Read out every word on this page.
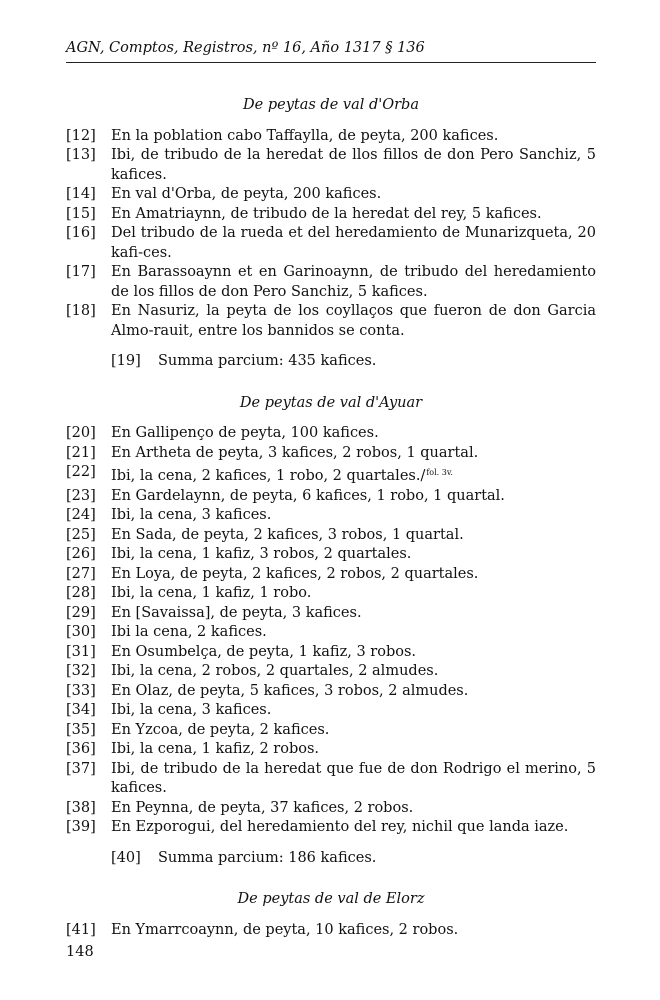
AGN, Comptos, Registros, nº 16, Año 1317 § 136
De peytas de val d'Orba
[12]	En la poblation cabo Taffaylla, de peyta, 200 kafices.
[13]	Ibi, de tribudo de la heredat de llos fillos de don Pero Sanchiz, 5 kafices.
[14]	En val d'Orba, de peyta, 200 kafices.
[15]	En Amatriaynn, de tribudo de la heredat del rey, 5 kafices.
[16]	Del tribudo de la rueda et del heredamiento de Munarizqueta, 20 kafi-ces.
[17]	En Barassoaynn et en Garinoaynn, de tribudo del heredamiento de los fillos de don Pero Sanchiz, 5 kafices.
[18]	En Nasuriz, la peyta de los coyllaços que fueron de don Garcia Almo-rauit, entre los bannidos se conta.
[19]	Summa parcium: 435 kafices.
De peytas de val d'Ayuar
[20]	En Gallipenço de peyta, 100 kafices.
[21]	En Artheta de peyta, 3 kafices, 2 robos, 1 quartal.
[22]	Ibi, la cena, 2 kafices, 1 robo, 2 quartales./$^{fol. 3v.}$
[23]	En Gardelaynn, de peyta, 6 kafices, 1 robo, 1 quartal.
[24]	Ibi, la cena, 3 kafices.
[25]	En Sada, de peyta, 2 kafices, 3 robos, 1 quartal.
[26]	Ibi, la cena, 1 kafiz, 3 robos, 2 quartales.
[27]	En Loya, de peyta, 2 kafices, 2 robos, 2 quartales.
[28]	Ibi, la cena, 1 kafiz, 1 robo.
[29]	En [Savaissa], de peyta, 3 kafices.
[30]	Ibi la cena, 2 kafices.
[31]	En Osumbelça, de peyta, 1 kafiz, 3 robos.
[32]	Ibi, la cena, 2 robos, 2 quartales, 2 almudes.
[33]	En Olaz, de peyta, 5 kafices, 3 robos, 2 almudes.
[34]	Ibi, la cena, 3 kafices.
[35]	En Yzcoa, de peyta, 2 kafices.
[36]	Ibi, la cena, 1 kafiz, 2 robos.
[37]	Ibi, de tribudo de la heredat que fue de don Rodrigo el merino, 5 kafices.
[38]	En Peynna, de peyta, 37 kafices, 2 robos.
[39]	En Ezporogui, del heredamiento del rey, nichil que landa iaze.
[40]	Summa parcium: 186 kafices.
De peytas de val de Elorz
[41]	En Ymarrcoaynn, de peyta, 10 kafices, 2 robos.
148
